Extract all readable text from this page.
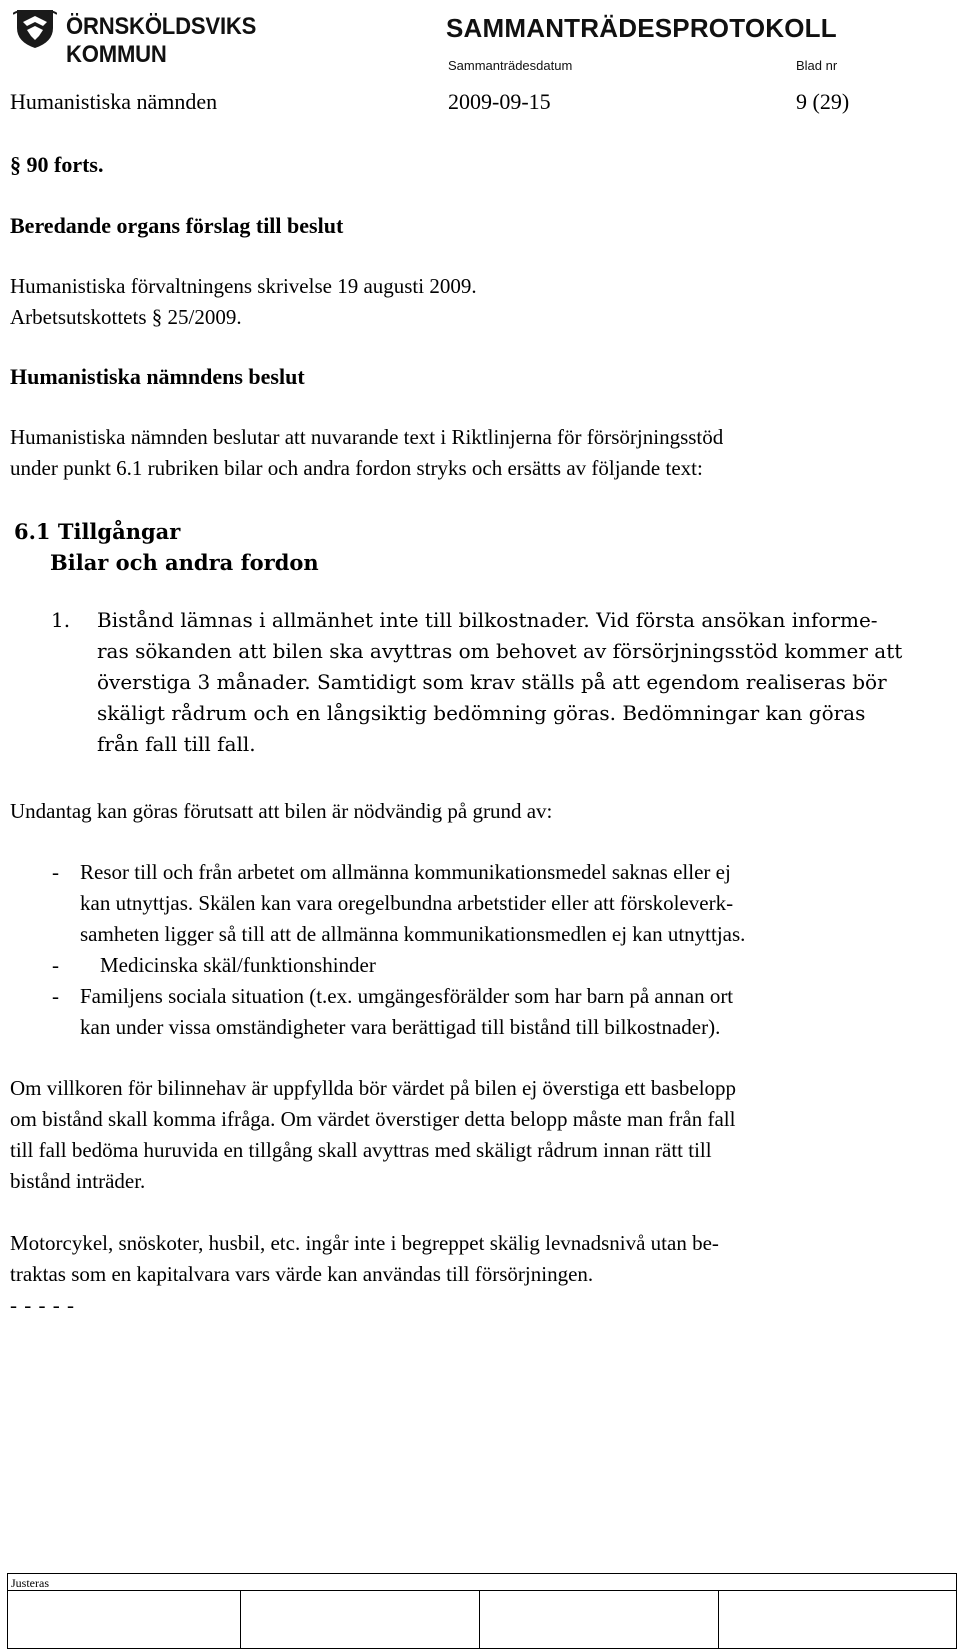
ÖRNSKÖLDSVIKS KOMMUN
SAMMANTRÄDESPROTOKOLL
Sammanträdesdatum	Blad nr
Humanistiska nämnden	2009-09-15	9 (29)
§ 90 forts.
Beredande organs förslag till beslut
Humanistiska förvaltningens skrivelse 19 augusti 2009.
Arbetsutskottets § 25/2009.
Humanistiska nämndens beslut
Humanistiska nämnden beslutar att nuvarande text i Riktlinjerna för försörjningsstöd
under punkt 6.1 rubriken bilar och andra fordon stryks och ersätts av följande text:
6.1 Tillgångar
Bilar och andra fordon
1. Bistånd lämnas i allmänhet inte till bilkostnader. Vid första ansökan informe-
ras sökanden att bilen ska avyttras om behovet av försörjningsstöd kommer att
överstiga 3 månader. Samtidigt som krav ställs på att egendom realiseras bör
skäligt rådrum och en långsiktig bedömning göras. Bedömningar kan göras
från fall till fall.
Undantag kan göras förutsatt att bilen är nödvändig på grund av:
- Resor till och från arbetet om allmänna kommunikationsmedel saknas eller ej
kan utnyttjas. Skälen kan vara oregelbundna arbetstider eller att förskoleverk-
samheten ligger så till att de allmänna kommunikationsmedlen ej kan utnyttjas.
- Medicinska skäl/funktionshinder
- Familjens sociala situation (t.ex. umgängesförälder som har barn på annan ort
kan under vissa omständigheter vara berättigad till bistånd till bilkostnader).
Om villkoren för bilinnehav är uppfyllda bör värdet på bilen ej överstiga ett basbelopp
om bistånd skall komma ifråga. Om värdet överstiger detta belopp måste man från fall
till fall bedöma huruvida en tillgång skall avyttras med skäligt rådrum innan rätt till
bistånd inträder.
Motorcykel, snöskoter, husbil, etc. ingår inte i begreppet skälig levnadsnivå utan be-
traktas som en kapitalvara vars värde kan användas till försörjningen.
- - - - -
Justeras
